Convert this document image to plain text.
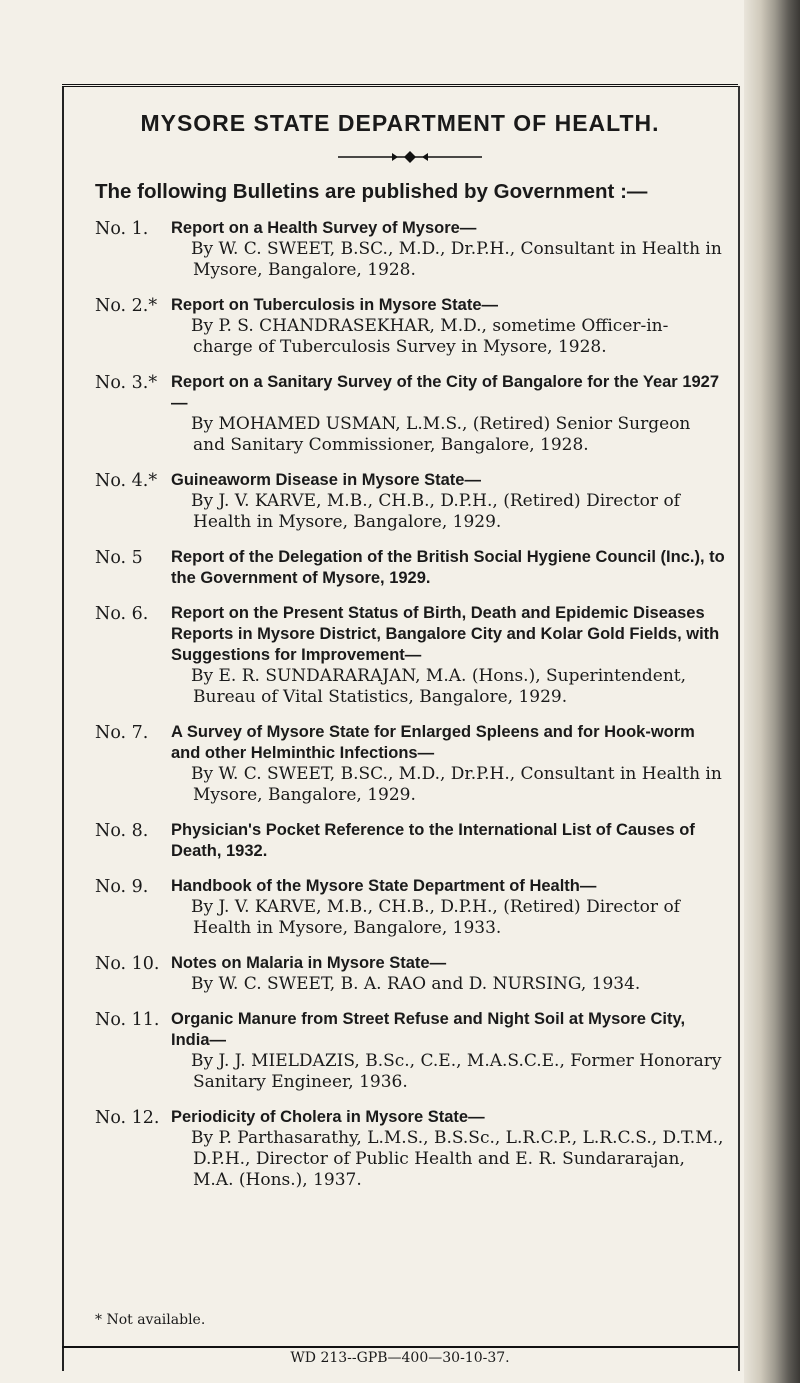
MYSORE STATE DEPARTMENT OF HEALTH.
The following Bulletins are published by Government :—
No. 1. Report on a Health Survey of Mysore—
By W. C. SWEET, B.SC., M.D., Dr.P.H., Consultant in Health in Mysore, Bangalore, 1928.
No. 2.* Report on Tuberculosis in Mysore State—
By P. S. CHANDRASEKHAR, M.D., sometime Officer-in-charge of Tuberculosis Survey in Mysore, 1928.
No. 3.* Report on a Sanitary Survey of the City of Bangalore for the Year 1927—
By MOHAMED USMAN, L.M.S., (Retired) Senior Surgeon and Sanitary Commissioner, Bangalore, 1928.
No. 4.* Guineaworm Disease in Mysore State—
By J. V. KARVE, M.B., CH.B., D.P.H., (Retired) Director of Health in Mysore, Bangalore, 1929.
No. 5 Report of the Delegation of the British Social Hygiene Council (Inc.), to the Government of Mysore, 1929.
No. 6. Report on the Present Status of Birth, Death and Epidemic Diseases Reports in Mysore District, Bangalore City and Kolar Gold Fields, with Suggestions for Improvement—
By E. R. SUNDARARAJAN, M.A. (Hons.), Superintendent, Bureau of Vital Statistics, Bangalore, 1929.
No. 7. A Survey of Mysore State for Enlarged Spleens and for Hook-worm and other Helminthic Infections—
By W. C. SWEET, B.SC., M.D., Dr.P.H., Consultant in Health in Mysore, Bangalore, 1929.
No. 8. Physician's Pocket Reference to the International List of Causes of Death, 1932.
No. 9. Handbook of the Mysore State Department of Health—
By J. V. KARVE, M.B., CH.B., D.P.H., (Retired) Director of Health in Mysore, Bangalore, 1933.
No. 10. Notes on Malaria in Mysore State—
By W. C. SWEET, B. A. RAO and D. NURSING, 1934.
No. 11. Organic Manure from Street Refuse and Night Soil at Mysore City, India—
By J. J. MIELDAZIS, B.Sc., C.E., M.A.S.C.E., Former Honorary Sanitary Engineer, 1936.
No. 12. Periodicity of Cholera in Mysore State—
By P. Parthasarathy, L.M.S., B.S.Sc., L.R.C.P., L.R.C.S., D.T.M., D.P.H., Director of Public Health and E. R. Sundararajan, M.A. (Hons.), 1937.
* Not available.
WD 213--GPB—400—30-10-37.
